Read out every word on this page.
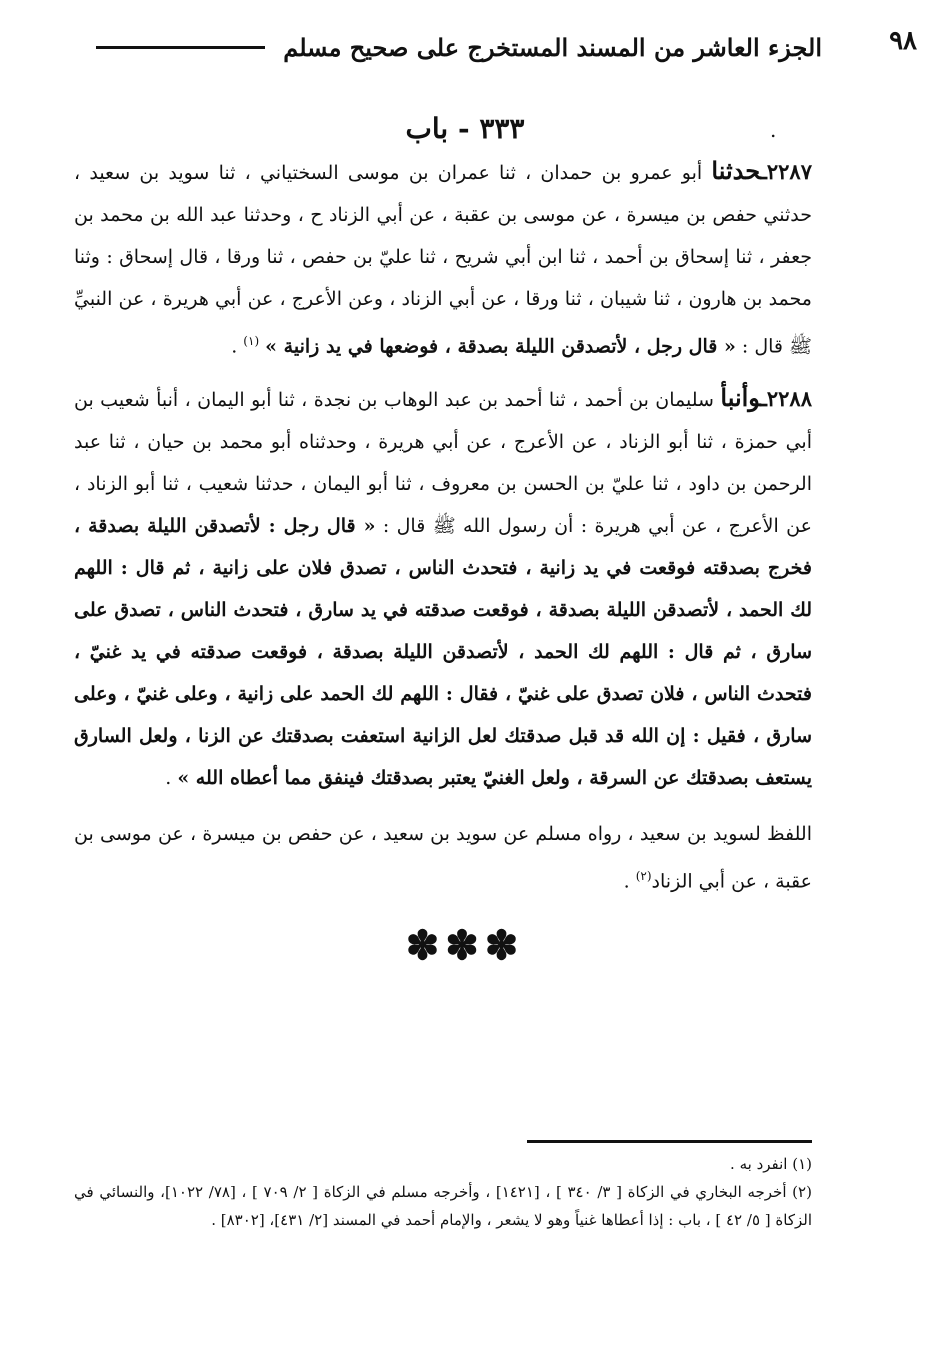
الجزء العاشر من المسند المستخرج على صحيح مسلم	٩٨
٣٣٣ - باب	.

٢٢٨٧ـحدثنا أبو عمرو بن حمدان ، ثنا عمران بن موسى السختياني ، ثنا سويد بن سعيد ، حدثني حفص بن ميسرة ، عن موسى بن عقبة ، عن أبي الزناد ح ، وحدثنا عبد الله بن محمد بن جعفر ، ثنا إسحاق بن أحمد ، ثنا ابن أبي شريح ، ثنا عليّ بن حفص ، ثنا ورقا ، قال إسحاق : وثنا محمد بن هارون ، ثنا شيبان ، ثنا ورقا ، عن أبي الزناد ، وعن الأعرج ، عن أبي هريرة ، عن النبيِّ ﷺ قال : « قال رجل ، لأتصدقن الليلة بصدقة ، فوضعها في يد زانية » $^{(١)}$ .

٢٢٨٨ـوأنبأ سليمان بن أحمد ، ثنا أحمد بن عبد الوهاب بن نجدة ، ثنا أبو اليمان ، أنبأ شعيب بن أبي حمزة ، ثنا أبو الزناد ، عن الأعرج ، عن أبي هريرة ، وحدثناه أبو محمد بن حيان ، ثنا عبد الرحمن بن داود ، ثنا عليّ بن الحسن بن معروف ، ثنا أبو اليمان ، حدثنا شعيب ، ثنا أبو الزناد ، عن الأعرج ، عن أبي هريرة : أن رسول الله ﷺ قال : « قال رجل : لأتصدقن الليلة بصدقة ، فخرج بصدقته فوقعت في يد زانية ، فتحدث الناس ، تصدق فلان على زانية ، ثم قال : اللهم لك الحمد ، لأتصدقن الليلة بصدقة ، فوقعت صدقته في يد سارق ، فتحدث الناس ، تصدق على سارق ، ثم قال : اللهم لك الحمد ، لأتصدقن الليلة بصدقة ، فوقعت صدقته في يد غنيّ ، فتحدث الناس ، فلان تصدق على غنيّ ، فقال : اللهم لك الحمد على زانية ، وعلى غنيّ ، وعلى سارق ، فقيل : إن الله قد قبل صدقتك لعل الزانية استعفت بصدقتك عن الزنا ، ولعل السارق يستعف بصدقتك عن السرقة ، ولعل الغنيّ يعتبر بصدقتك فينفق مما أعطاه الله » .

اللفظ لسويد بن سعيد ، رواه مسلم عن سويد بن سعيد ، عن حفص بن ميسرة ، عن موسى بن عقبة ، عن أبي الزناد$^{(٢)}$ .

✽✽✽

(١) انفرد به .

(٢) أخرجه البخاري في الزكاة [ ٣/ ٣٤٠ ] ، [١٤٢١] ، وأخرجه مسلم في الزكاة [ ٢/ ٧٠٩ ] ، [٧٨/ ١٠٢٢]، والنسائي في الزكاة [ ٥/ ٤٢ ] ، باب : إذا أعطاها غنياً وهو لا يشعر ، والإمام أحمد في المسند [٢/ ٤٣١]، [٨٣٠٢] .
